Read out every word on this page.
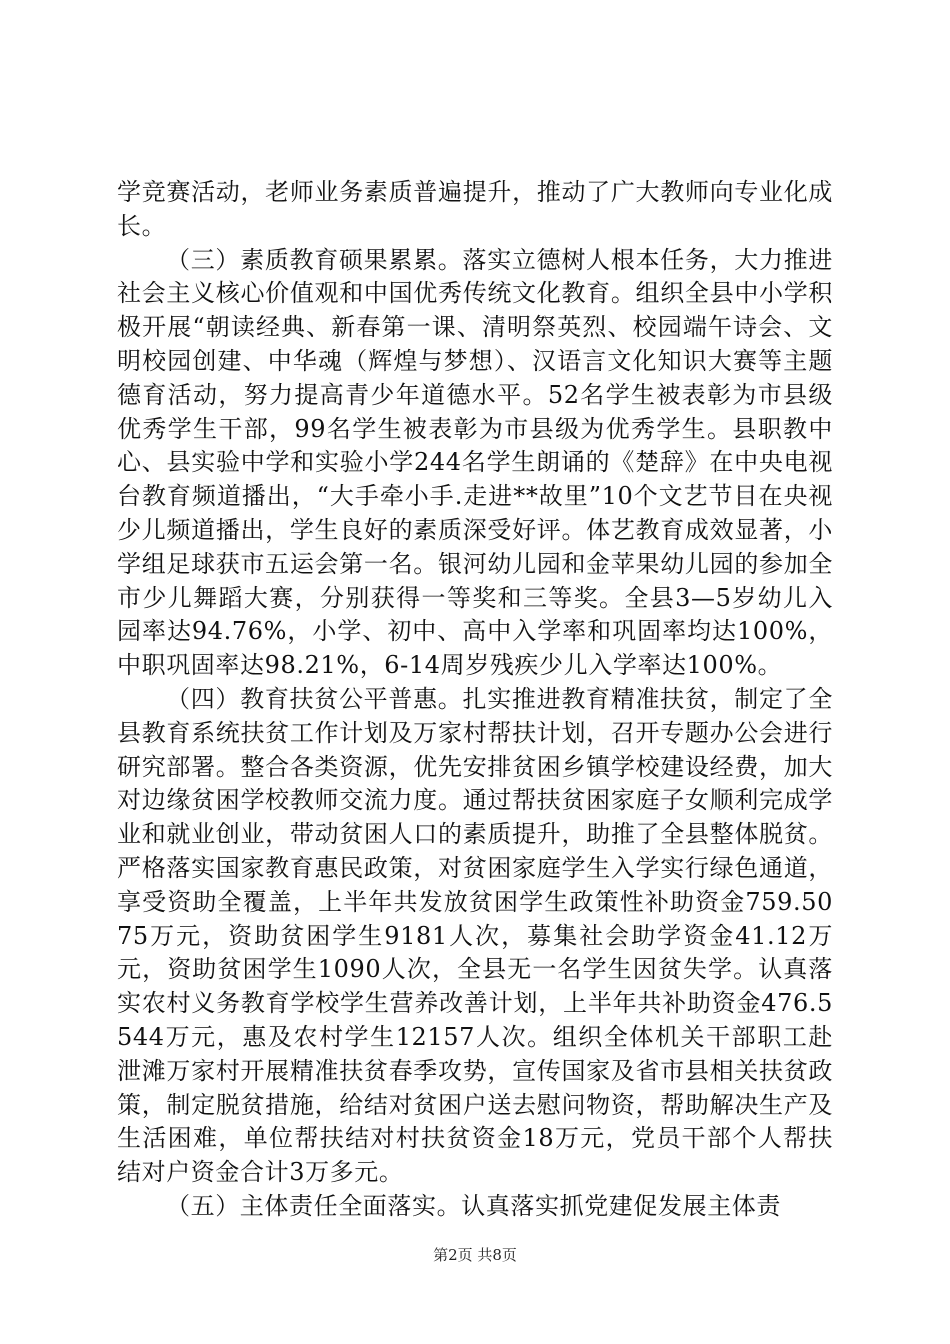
学竞赛活动，老师业务素质普遍提升，推动了广大教师向专业化成长。

（三）素质教育硕果累累。落实立德树人根本任务，大力推进社会主义核心价值观和中国优秀传统文化教育。组织全县中小学积极开展“朝读经典、新春第一课、清明祭英烈、校园端午诗会、文明校园创建、中华魂（辉煌与梦想）、汉语言文化知识大赛等主题德育活动，努力提高青少年道德水平。52名学生被表彰为市县级优秀学生干部，99名学生被表彰为市县级为优秀学生。县职教中心、县实验中学和实验小学244名学生朗诵的《楚辞》在中央电视台教育频道播出，“大手牵小手.走进**故里”10个文艺节目在央视少儿频道播出，学生良好的素质深受好评。体艺教育成效显著，小学组足球获市五运会第一名。银河幼儿园和金苹果幼儿园的参加全市少儿舞蹈大赛，分别获得一等奖和三等奖。全县3—5岁幼儿入园率达94.76%，小学、初中、高中入学率和巩固率均达100%，中职巩固率达98.21%，6-14周岁残疾少儿入学率达100%。

（四）教育扶贫公平普惠。扎实推进教育精准扶贫，制定了全县教育系统扶贫工作计划及万家村帮扶计划，召开专题办公会进行研究部署。整合各类资源，优先安排贫困乡镇学校建设经费，加大对边缘贫困学校教师交流力度。通过帮扶贫困家庭子女顺利完成学业和就业创业，带动贫困人口的素质提升，助推了全县整体脱贫。严格落实国家教育惠民政策，对贫困家庭学生入学实行绿色通道，享受资助全覆盖，上半年共发放贫困学生政策性补助资金759.5075万元，资助贫困学生9181人次，募集社会助学资金41.12万元，资助贫困学生1090人次，全县无一名学生因贫失学。认真落实农村义务教育学校学生营养改善计划，上半年共补助资金476.5544万元，惠及农村学生12157人次。组织全体机关干部职工赴泄滩万家村开展精准扶贫春季攻势，宣传国家及省市县相关扶贫政策，制定脱贫措施，给结对贫困户送去慰问物资，帮助解决生产及生活困难，单位帮扶结对村扶贫资金18万元，党员干部个人帮扶结对户资金合计3万多元。

（五）主体责任全面落实。认真落实抓党建促发展主体责

第2页 共8页
